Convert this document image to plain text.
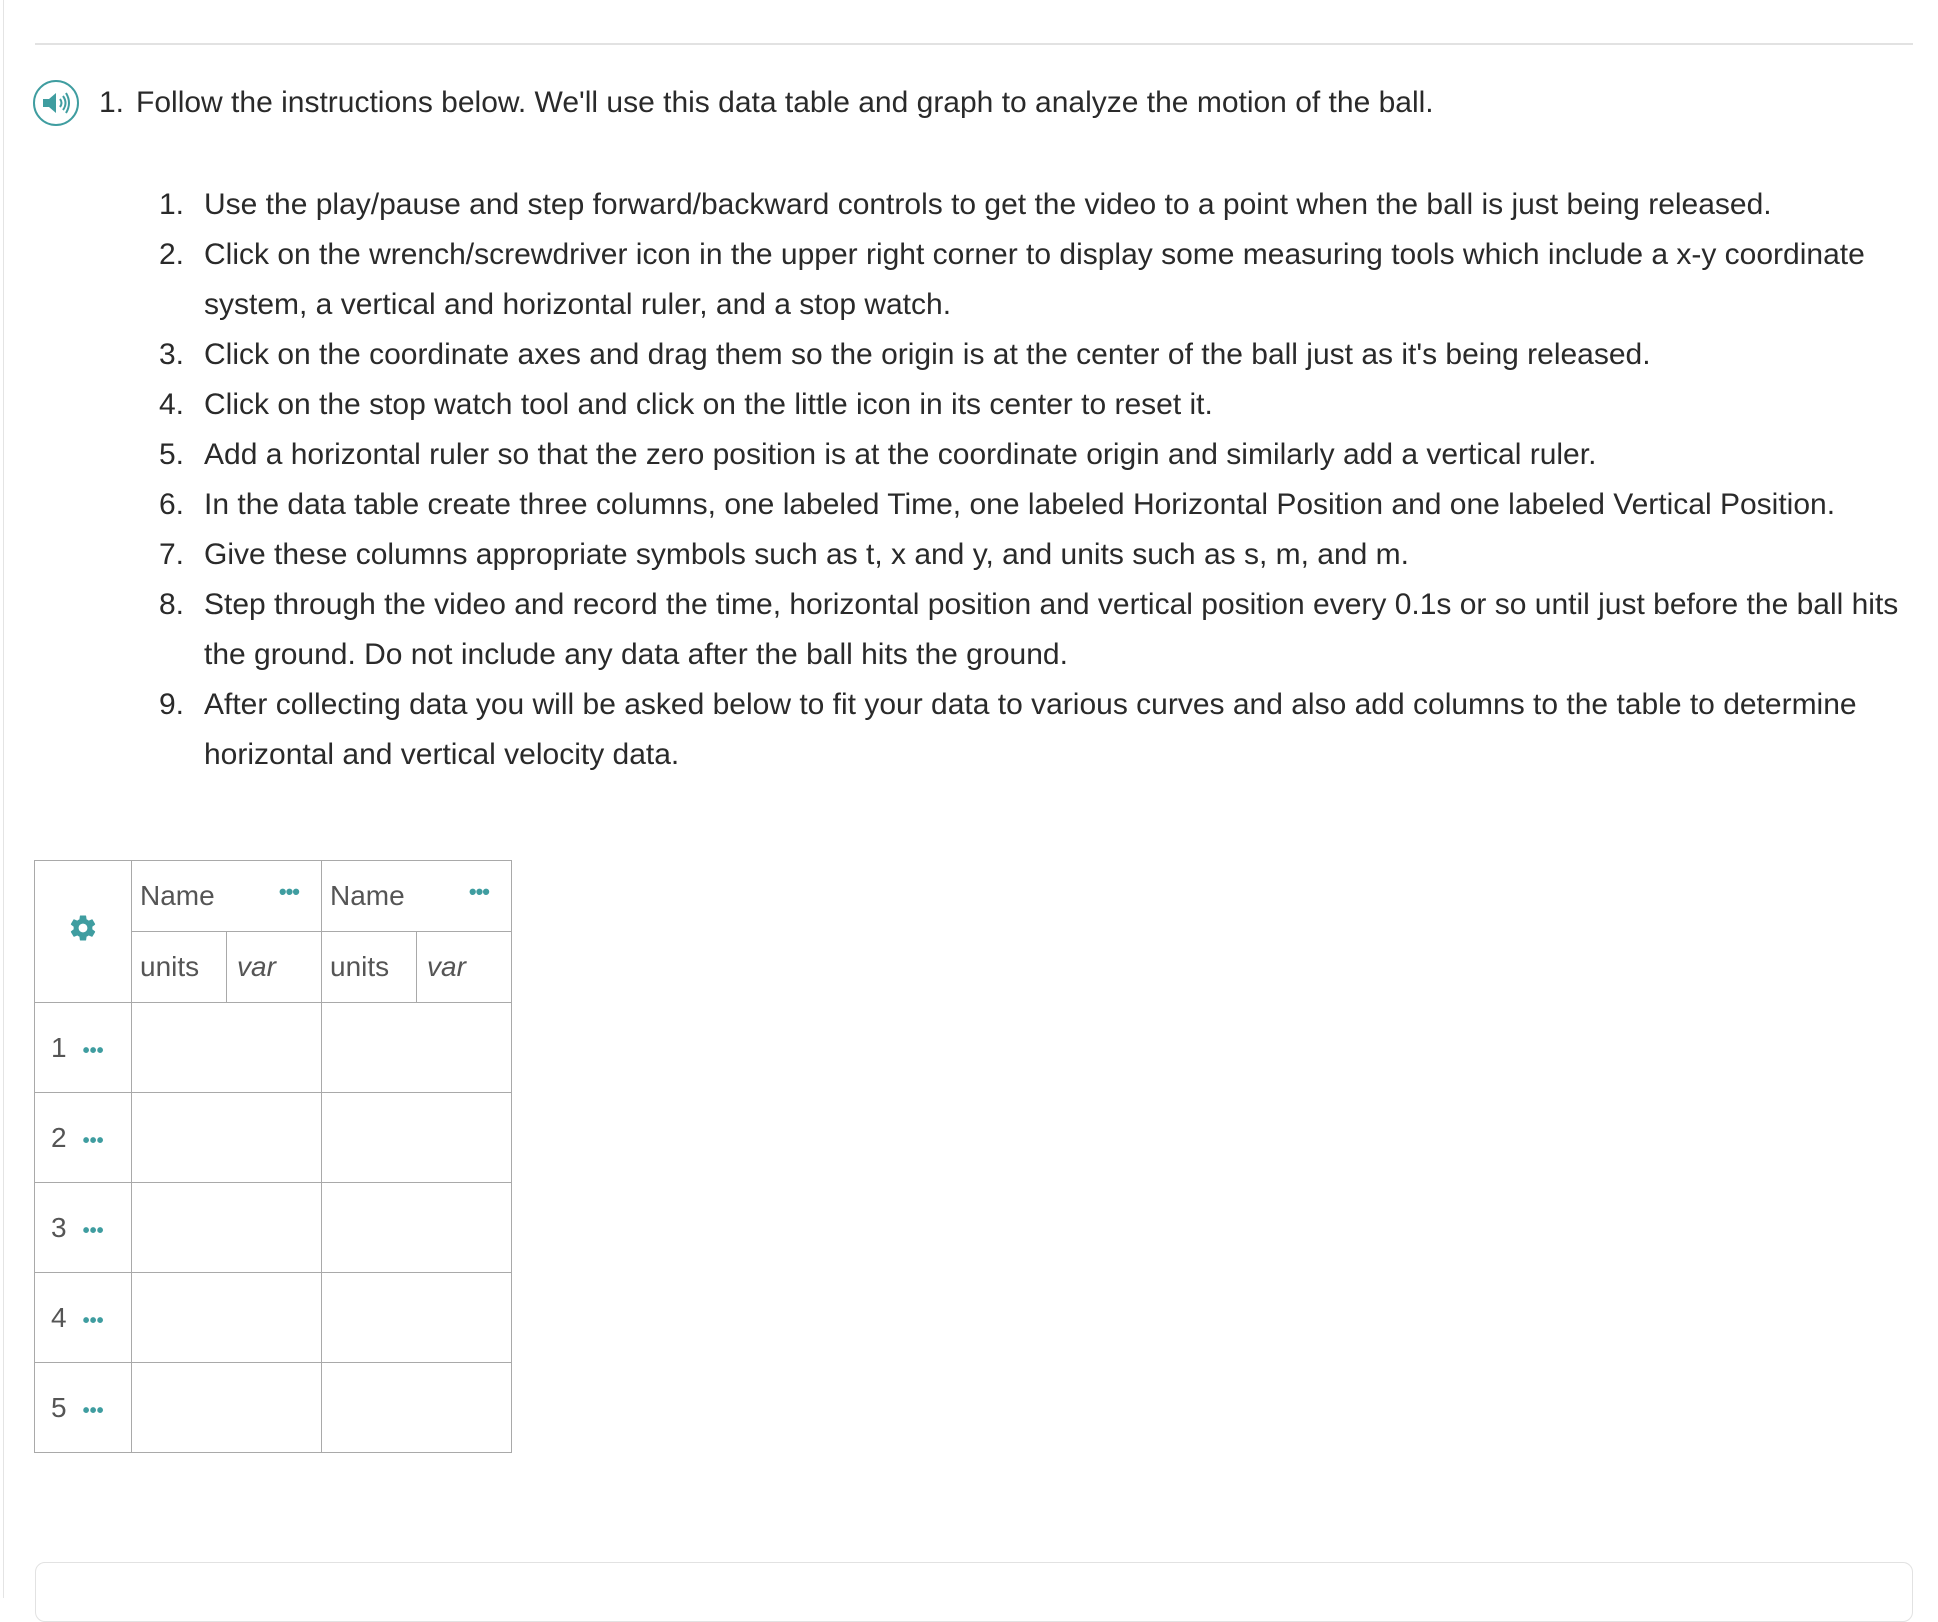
1. Follow the instructions below. We'll use this data table and graph to analyze the motion of the ball.
1. Use the play/pause and step forward/backward controls to get the video to a point when the ball is just being released.
2. Click on the wrench/screwdriver icon in the upper right corner to display some measuring tools which include a x-y coordinate system, a vertical and horizontal ruler, and a stop watch.
3. Click on the coordinate axes and drag them so the origin is at the center of the ball just as it's being released.
4. Click on the stop watch tool and click on the little icon in its center to reset it.
5. Add a horizontal ruler so that the zero position is at the coordinate origin and similarly add a vertical ruler.
6. In the data table create three columns, one labeled Time, one labeled Horizontal Position and one labeled Vertical Position.
7. Give these columns appropriate symbols such as t, x and y, and units such as s, m, and m.
8. Step through the video and record the time, horizontal position and vertical position every 0.1s or so until just before the ball hits the ground. Do not include any data after the ball hits the ground.
9. After collecting data you will be asked below to fit your data to various curves and also add columns to the table to determine horizontal and vertical velocity data.
	Name •••		Name •••	

	units	var	units	var
1 •••				
2 •••				
3 •••				
4 •••				
5 •••				
